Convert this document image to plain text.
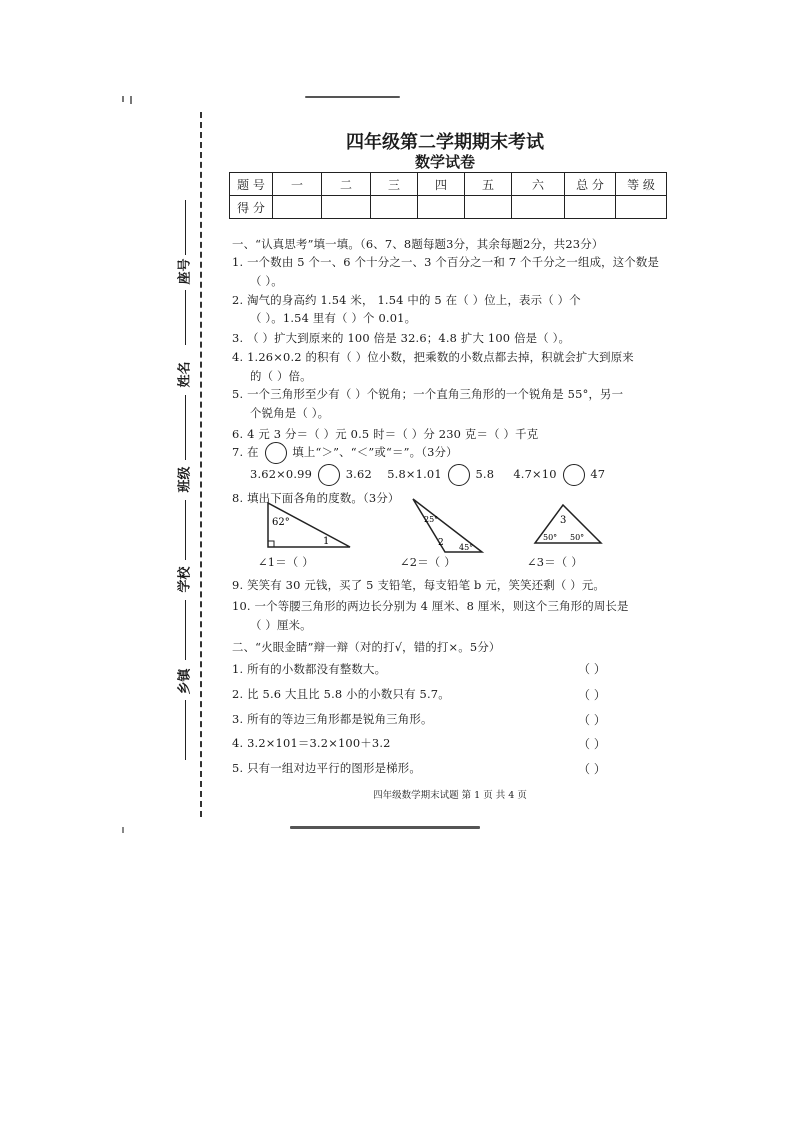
座号
姓名
班级
学校
乡镇
四年级第二学期期末考试
数学试卷
题 号	一	二	三	四	五	六	总 分	等 级
得 分								
一、“认真思考”填一填。（6、7、8题每题3分，其余每题2分，共23分）
1. 一个数由 5 个一、6 个十分之一、3 个百分之一和 7 个千分之一组成，这个数是
（ ）。
2. 淘气的身高约 1.54 米， 1.54 中的 5 在（ ）位上，表示（ ）个
（ ）。1.54 里有（ ）个 0.01。
3. （ ）扩大到原来的 100 倍是 32.6；4.8 扩大 100 倍是（ ）。
4. 1.26×0.2 的积有（ ）位小数，把乘数的小数点都去掉，积就会扩大到原来
的（ ）倍。
5. 一个三角形至少有（ ）个锐角；一个直角三角形的一个锐角是 55°，另一
个锐角是（ ）。
6. 4 元 3 分＝（ ）元 0.5 时＝（ ）分 230 克＝（ ）千克
7. 在	填上“＞”、“＜”或“＝”。（3分）
3.62×0.99	3.62 5.8×1.01	5.8 4.7×10	47
8. 填出下面各角的度数。（3分）
62°
1
25°
2 45°
3
50° 50°
∠1＝（ ）	∠2＝（ ）	∠3＝（ ）
9. 笑笑有 30 元钱，买了 5 支铅笔，每支铅笔 b 元，笑笑还剩（ ）元。
10. 一个等腰三角形的两边长分别为 4 厘米、8 厘米，则这个三角形的周长是
（ ）厘米。
二、“火眼金睛”辩一辩（对的打√，错的打×。5分）
1. 所有的小数都没有整数大。	（ ）
2. 比 5.6 大且比 5.8 小的小数只有 5.7。	（ ）
3. 所有的等边三角形都是锐角三角形。	（ ）
4. 3.2×101＝3.2×100＋3.2	（ ）
5. 只有一组对边平行的图形是梯形。	（ ）
四年级数学期末试题 第 1 页 共 4 页
